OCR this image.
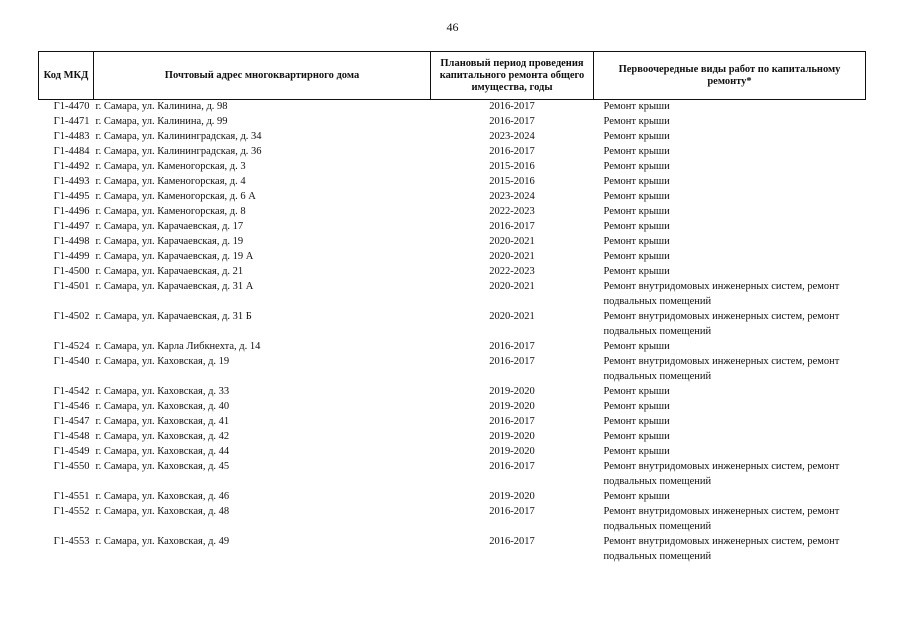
46
Код МКД	Почтовый адрес многоквартирного дома	Плановый период проведения капитального ремонта общего имущества, годы	Первоочередные виды работ по капитальному ремонту*
Г1-4470	г. Самара, ул. Калинина, д. 98	2016-2017	Ремонт крыши
Г1-4471	г. Самара, ул. Калинина, д. 99	2016-2017	Ремонт крыши
Г1-4483	г. Самара, ул. Калининградская, д. 34	2023-2024	Ремонт крыши
Г1-4484	г. Самара, ул. Калининградская, д. 36	2016-2017	Ремонт крыши
Г1-4492	г. Самара, ул. Каменогорская, д. 3	2015-2016	Ремонт крыши
Г1-4493	г. Самара, ул. Каменогорская, д. 4	2015-2016	Ремонт крыши
Г1-4495	г. Самара, ул. Каменогорская, д. 6 А	2023-2024	Ремонт крыши
Г1-4496	г. Самара, ул. Каменогорская, д. 8	2022-2023	Ремонт крыши
Г1-4497	г. Самара, ул. Карачаевская, д. 17	2016-2017	Ремонт крыши
Г1-4498	г. Самара, ул. Карачаевская, д. 19	2020-2021	Ремонт крыши
Г1-4499	г. Самара, ул. Карачаевская, д. 19 А	2020-2021	Ремонт крыши
Г1-4500	г. Самара, ул. Карачаевская, д. 21	2022-2023	Ремонт крыши
Г1-4501	г. Самара, ул. Карачаевская, д. 31 А	2020-2021	Ремонт внутридомовых инженерных систем, ремонт подвальных помещений
Г1-4502	г. Самара, ул. Карачаевская, д. 31 Б	2020-2021	Ремонт внутридомовых инженерных систем, ремонт подвальных помещений
Г1-4524	г. Самара, ул. Карла Либкнехта, д. 14	2016-2017	Ремонт крыши
Г1-4540	г. Самара, ул. Каховская, д. 19	2016-2017	Ремонт внутридомовых инженерных систем, ремонт подвальных помещений
Г1-4542	г. Самара, ул. Каховская, д. 33	2019-2020	Ремонт крыши
Г1-4546	г. Самара, ул. Каховская, д. 40	2019-2020	Ремонт крыши
Г1-4547	г. Самара, ул. Каховская, д. 41	2016-2017	Ремонт крыши
Г1-4548	г. Самара, ул. Каховская, д. 42	2019-2020	Ремонт крыши
Г1-4549	г. Самара, ул. Каховская, д. 44	2019-2020	Ремонт крыши
Г1-4550	г. Самара, ул. Каховская, д. 45	2016-2017	Ремонт внутридомовых инженерных систем, ремонт подвальных помещений
Г1-4551	г. Самара, ул. Каховская, д. 46	2019-2020	Ремонт крыши
Г1-4552	г. Самара, ул. Каховская, д. 48	2016-2017	Ремонт внутридомовых инженерных систем, ремонт подвальных помещений
Г1-4553	г. Самара, ул. Каховская, д. 49	2016-2017	Ремонт внутридомовых инженерных систем, ремонт подвальных помещений
